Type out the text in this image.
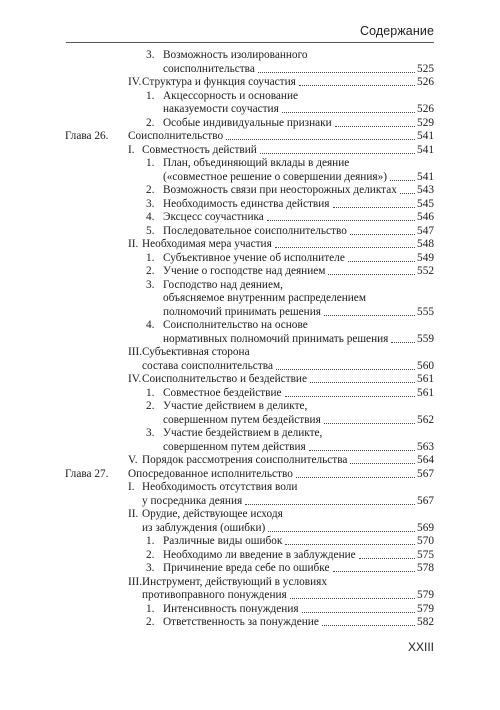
Содержание
3. Возможность изолированного
соисполнительства	525
IV. Структура и функция соучастия	526
1. Акцессорность и основание
наказуемости соучастия	526
2. Особые индивидуальные признаки	529
Глава 26. Соисполнительство	541
I. Совместность действий	541
1. План, объединяющий вклады в деяние
(«совместное решение о совершении деяния»)	541
2. Возможность связи при неосторожных деликтах 543
3. Необходимость единства действия	545
4. Эксцесс соучастника	546
5. Последовательное соисполнительство	547
II. Необходимая мера участия	548
1. Субъективное учение об исполнителе	549
2. Учение о господстве над деянием	552
3. Господство над деянием,
объясняемое внутренним распределением
полномочий принимать решения	555
4. Соисполнительство на основе
нормативных полномочий принимать решения	559
III. Субъективная сторона
состава соисполнительства	560
IV. Соисполнительство и бездействие	561
1. Совместное бездействие	561
2. Участие действием в деликте,
совершенном путем бездействия	562
3. Участие бездействием в деликте,
совершенном путем действия	563
V. Порядок рассмотрения соисполнительства	564
Глава 27. Опосредованное исполнительство	567
I. Необходимость отсутствия воли
у посредника деяния	567
II. Орудие, действующее исходя
из заблуждения (ошибки)	569
1. Различные виды ошибок	570
2. Необходимо ли введение в заблуждение	575
3. Причинение вреда себе по ошибке	578
III. Инструмент, действующий в условиях
противоправного понуждения	579
1. Интенсивность понуждения	579
2. Ответственность за понуждение	582
XXIII
